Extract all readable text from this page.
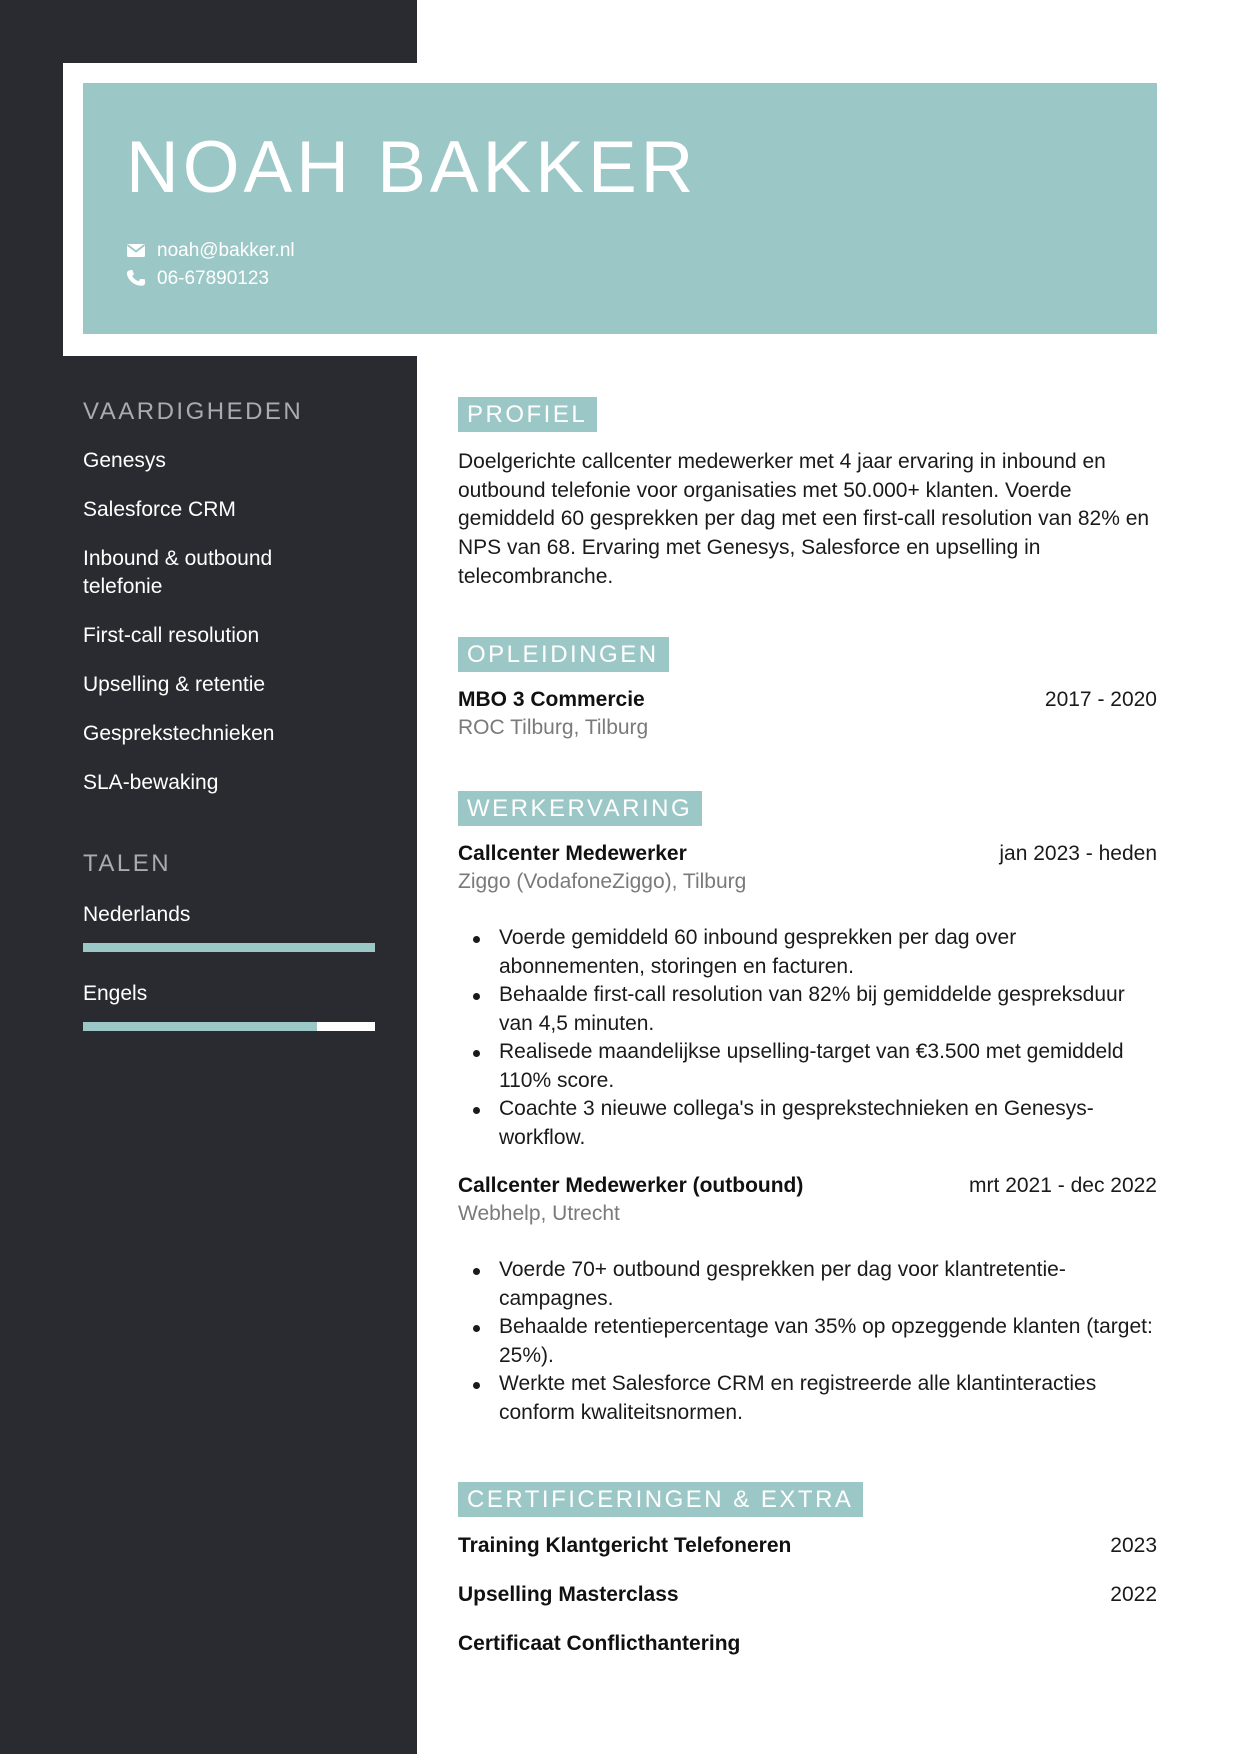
NOAH BAKKER
noah@bakker.nl
06-67890123
VAARDIGHEDEN
Genesys
Salesforce CRM
Inbound & outbound telefonie
First-call resolution
Upselling & retentie
Gesprekstechnieken
SLA-bewaking
TALEN

Nederlands

Engels

PROFIEL

Doelgerichte callcenter medewerker met 4 jaar ervaring in inbound en outbound telefonie voor organisaties met 50.000+ klanten. Voerde gemiddeld 60 gesprekken per dag met een first-call resolution van 82% en NPS van 68. Ervaring met Genesys, Salesforce en upselling in telecombranche.

OPLEIDINGEN
MBO 3 Commercie	2017 - 2020

ROC Tilburg, Tilburg

WERKERVARING
Callcenter Medewerker	jan 2023 - heden

Ziggo (VodafoneZiggo), Tilburg

Voerde gemiddeld 60 inbound gesprekken per dag over abonnementen, storingen en facturen.
Behaalde first-call resolution van 82% bij gemiddelde gespreksduur van 4,5 minuten.
Realisede maandelijkse upselling-target van €3.500 met gemiddeld 110% score.
Coachte 3 nieuwe collega's in gesprekstechnieken en Genesys-workflow.
Callcenter Medewerker (outbound)	mrt 2021 - dec 2022

Webhelp, Utrecht

Voerde 70+ outbound gesprekken per dag voor klantretentie-campagnes.
Behaalde retentiepercentage van 35% op opzeggende klanten (target: 25%).
Werkte met Salesforce CRM en registreerde alle klantinteracties conform kwaliteitsnormen.
CERTIFICERINGEN & EXTRA
Training Klantgericht Telefoneren	2023
Upselling Masterclass	2022
Certificaat Conflicthantering
